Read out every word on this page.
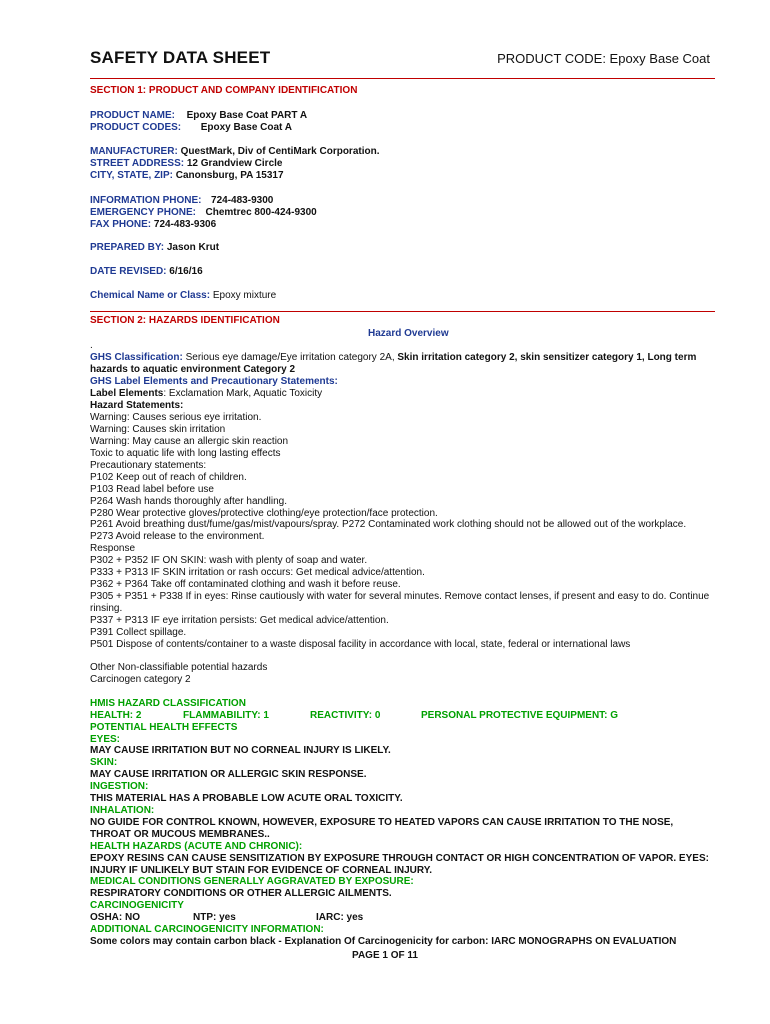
SAFETY DATA SHEET	PRODUCT CODE: Epoxy Base Coat
SECTION 1: PRODUCT AND COMPANY IDENTIFICATION
PRODUCT NAME: Epoxy Base Coat PART A
PRODUCT CODES: Epoxy Base Coat A
MANUFACTURER: QuestMark, Div of CentiMark Corporation.
STREET ADDRESS: 12 Grandview Circle
CITY, STATE, ZIP: Canonsburg, PA 15317
INFORMATION PHONE: 724-483-9300
EMERGENCY PHONE: Chemtrec 800-424-9300
FAX PHONE: 724-483-9306
PREPARED BY: Jason Krut
DATE REVISED: 6/16/16
Chemical Name or Class: Epoxy mixture
SECTION 2: HAZARDS IDENTIFICATION
Hazard Overview
.
GHS Classification: Serious eye damage/Eye irritation category 2A, Skin irritation category 2, skin sensitizer category 1, Long term
hazards to aquatic environment Category 2
GHS Label Elements and Precautionary Statements:
Label Elements: Exclamation Mark, Aquatic Toxicity
Hazard Statements:
Warning: Causes serious eye irritation.
Warning: Causes skin irritation
Warning: May cause an allergic skin reaction
Toxic to aquatic life with long lasting effects
Precautionary statements:
P102 Keep out of reach of children.
P103 Read label before use
P264 Wash hands thoroughly after handling.
P280 Wear protective gloves/protective clothing/eye protection/face protection.
P261 Avoid breathing dust/fume/gas/mist/vapours/spray. P272 Contaminated work clothing should not be allowed out of the workplace.
P273 Avoid release to the environment.
Response
P302 + P352 IF ON SKIN: wash with plenty of soap and water.
P333 + P313 IF SKIN irritation or rash occurs: Get medical advice/attention.
P362 + P364 Take off contaminated clothing and wash it before reuse.
P305 + P351 + P338 If in eyes: Rinse cautiously with water for several minutes. Remove contact lenses, if present and easy to do. Continue
rinsing.
P337 + P313 IF eye irritation persists: Get medical advice/attention.
P391 Collect spillage.
P501 Dispose of contents/container to a waste disposal facility in accordance with local, state, federal or international laws
Other Non-classifiable potential hazards
Carcinogen category 2
HMIS HAZARD CLASSIFICATION
HEALTH: 2	FLAMMABILITY: 1	REACTIVITY: 0	PERSONAL PROTECTIVE EQUIPMENT: G
POTENTIAL HEALTH EFFECTS
EYES:
MAY CAUSE IRRITATION BUT NO CORNEAL INJURY IS LIKELY.
SKIN:
MAY CAUSE IRRITATION OR ALLERGIC SKIN RESPONSE.
INGESTION:
THIS MATERIAL HAS A PROBABLE LOW ACUTE ORAL TOXICITY.
INHALATION:
NO GUIDE FOR CONTROL KNOWN, HOWEVER, EXPOSURE TO HEATED VAPORS CAN CAUSE IRRITATION TO THE NOSE,
THROAT OR MUCOUS MEMBRANES..
HEALTH HAZARDS (ACUTE AND CHRONIC):
EPOXY RESINS CAN CAUSE SENSITIZATION BY EXPOSURE THROUGH CONTACT OR HIGH CONCENTRATION OF VAPOR. EYES:
INJURY IF UNLIKELY BUT STAIN FOR EVIDENCE OF CORNEAL INJURY.
MEDICAL CONDITIONS GENERALLY AGGRAVATED BY EXPOSURE:
RESPIRATORY CONDITIONS OR OTHER ALLERGIC AILMENTS.
CARCINOGENICITY
OSHA: NO	NTP: yes	IARC: yes
ADDITIONAL CARCINOGENICITY INFORMATION:
Some colors may contain carbon black - Explanation Of Carcinogenicity for carbon: IARC MONOGRAPHS ON EVALUATION
PAGE 1 OF 11
